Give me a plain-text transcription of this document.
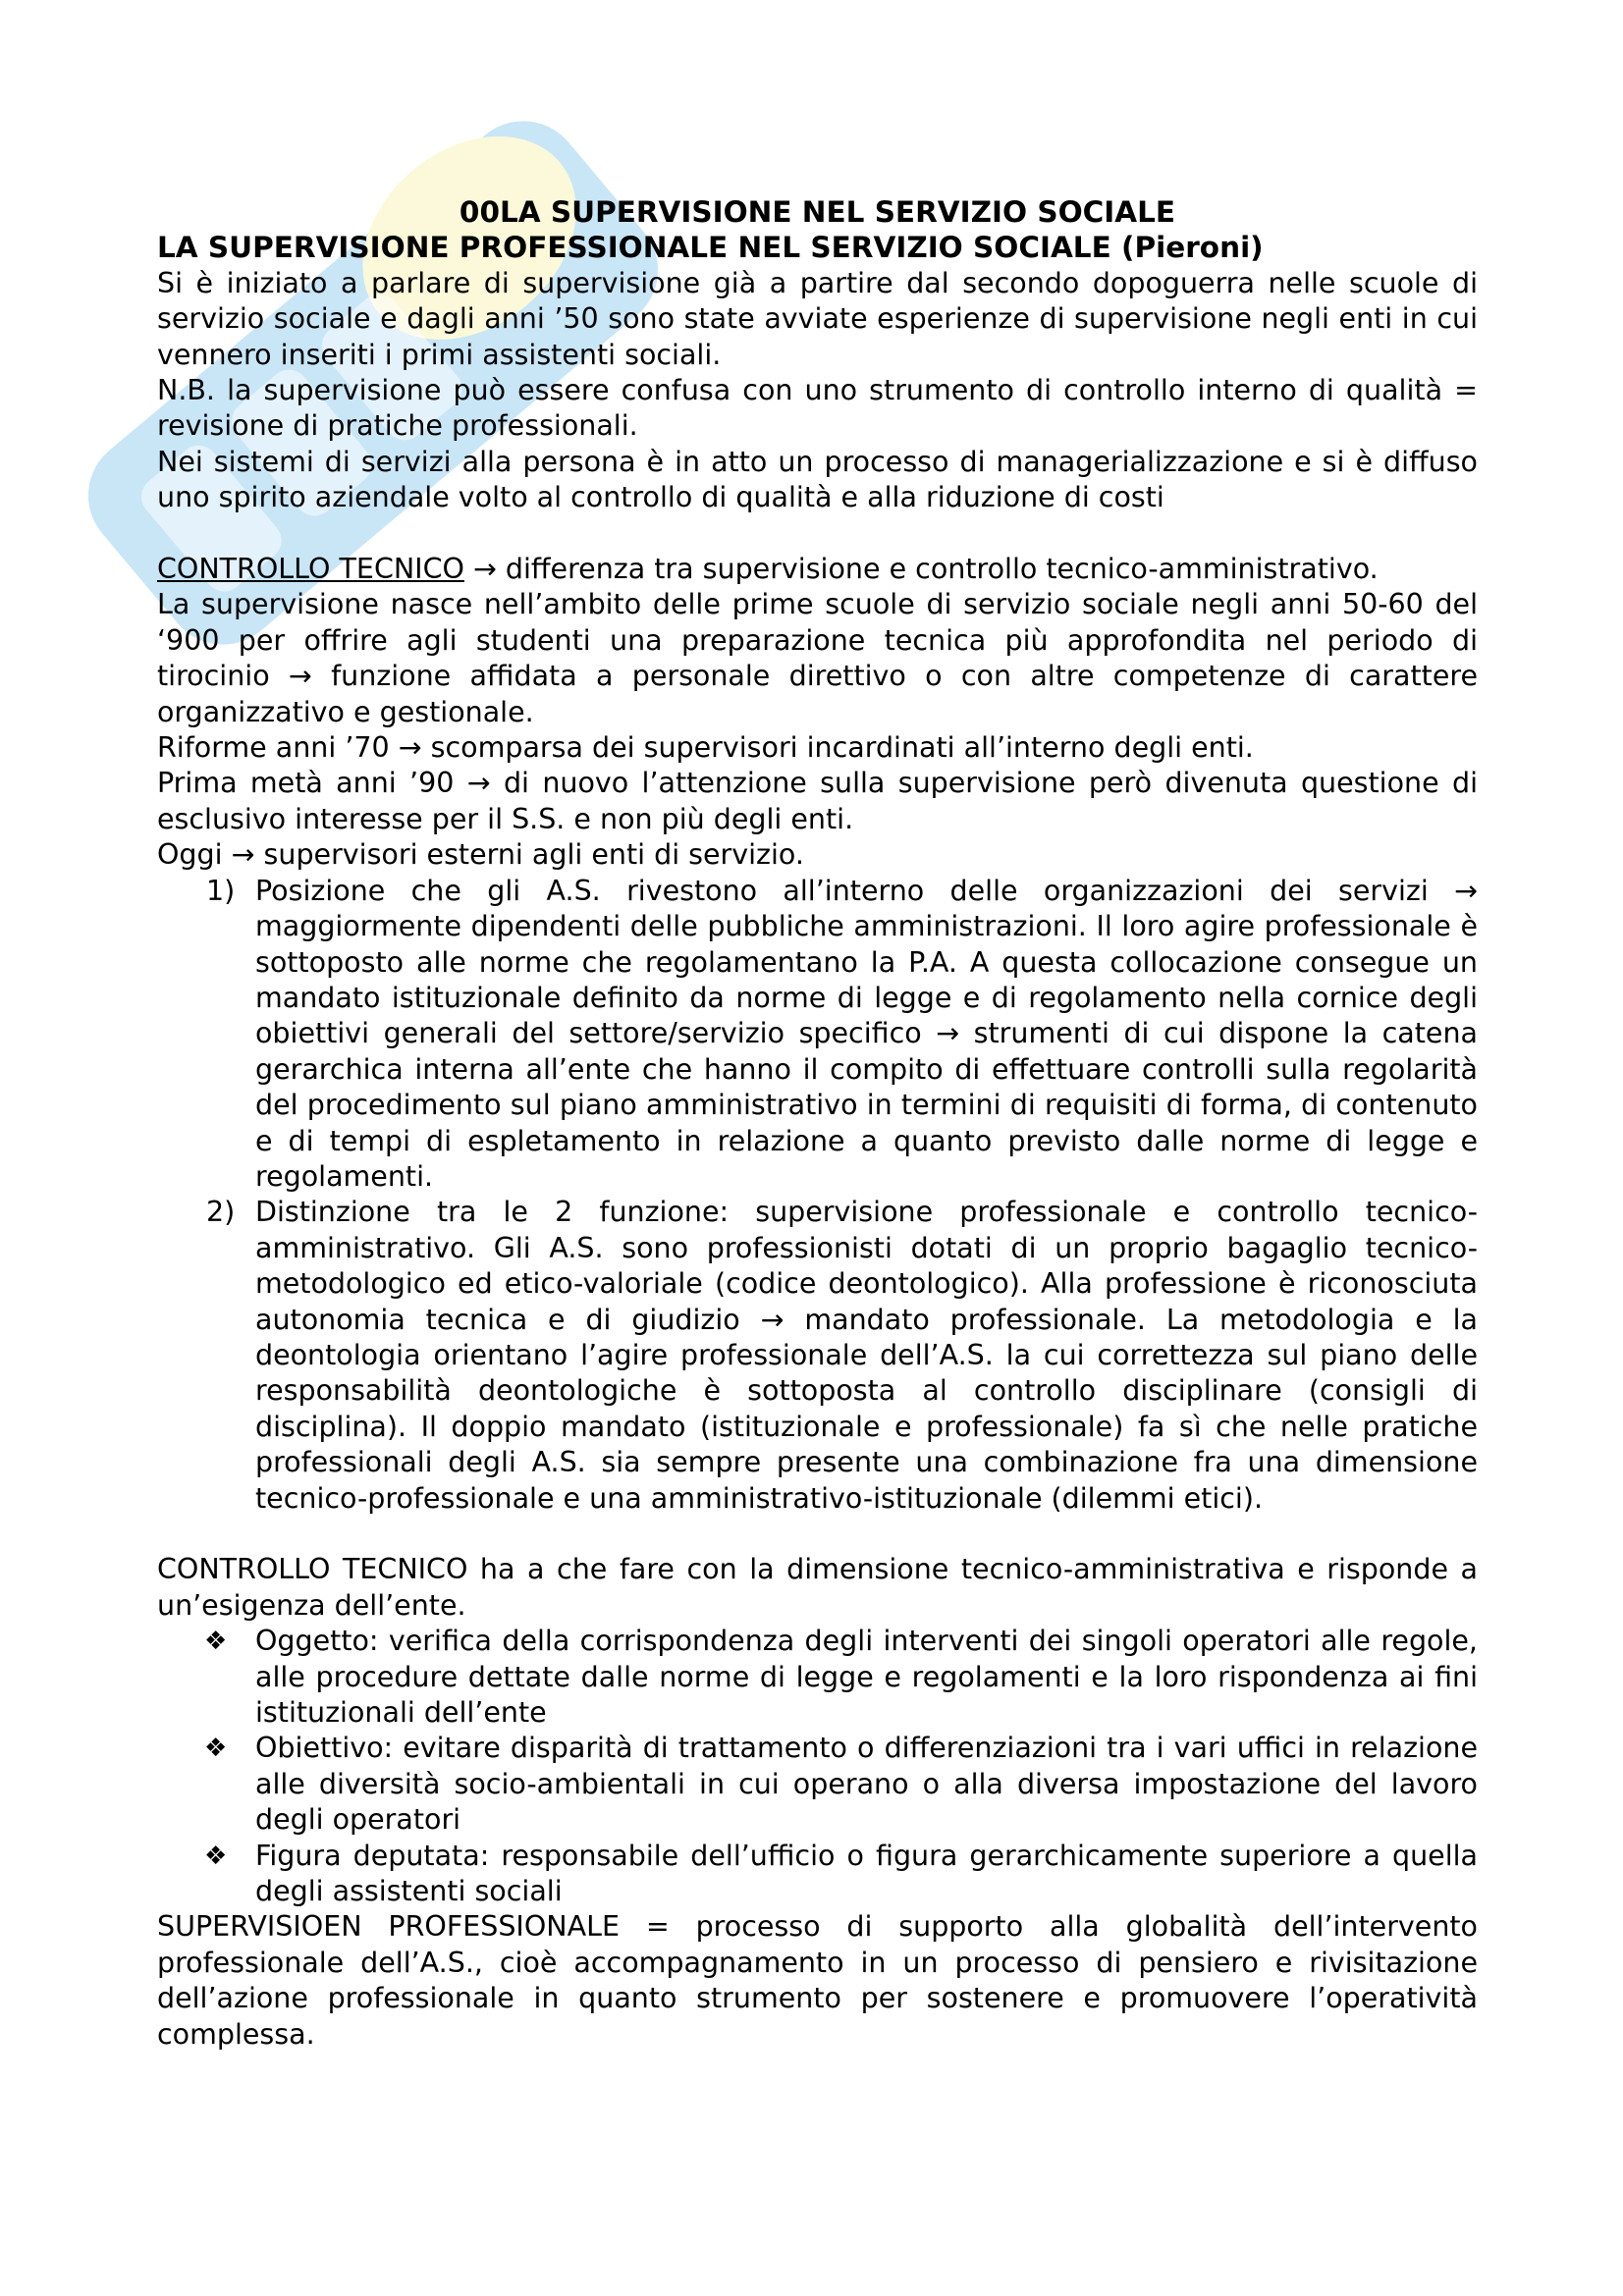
00LA SUPERVISIONE NEL SERVIZIO SOCIALE
LA SUPERVISIONE PROFESSIONALE NEL SERVIZIO SOCIALE (Pieroni)

Si è iniziato a parlare di supervisione già a partire dal secondo dopoguerra nelle scuole di servizio sociale e dagli anni ’50 sono state avviate esperienze di supervisione negli enti in cui vennero inseriti i primi assistenti sociali.

N.B. la supervisione può essere confusa con uno strumento di controllo interno di qualità = revisione di pratiche professionali.

Nei sistemi di servizi alla persona è in atto un processo di managerializzazione e si è diffuso uno spirito aziendale volto al controllo di qualità e alla riduzione di costi

CONTROLLO TECNICO → differenza tra supervisione e controllo tecnico-amministrativo.

La supervisione nasce nell’ambito delle prime scuole di servizio sociale negli anni 50-60 del ‘900 per offrire agli studenti una preparazione tecnica più approfondita nel periodo di tirocinio → funzione affidata a personale direttivo o con altre competenze di carattere organizzativo e gestionale.

Riforme anni ’70 → scomparsa dei supervisori incardinati all’interno degli enti.

Prima metà anni ’90 → di nuovo l’attenzione sulla supervisione però divenuta questione di esclusivo interesse per il S.S. e non più degli enti.

Oggi → supervisori esterni agli enti di servizio.

1) Posizione che gli A.S. rivestono all’interno delle organizzazioni dei servizi → maggiormente dipendenti delle pubbliche amministrazioni. Il loro agire professionale è sottoposto alle norme che regolamentano la P.A. A questa collocazione consegue un mandato istituzionale definito da norme di legge e di regolamento nella cornice degli obiettivi generali del settore/servizio specifico → strumenti di cui dispone la catena gerarchica interna all’ente che hanno il compito di effettuare controlli sulla regolarità del procedimento sul piano amministrativo in termini di requisiti di forma, di contenuto e di tempi di espletamento in relazione a quanto previsto dalle norme di legge e regolamenti.
2) Distinzione tra le 2 funzione: supervisione professionale e controllo tecnico-amministrativo. Gli A.S. sono professionisti dotati di un proprio bagaglio tecnico-metodologico ed etico-valoriale (codice deontologico). Alla professione è riconosciuta autonomia tecnica e di giudizio → mandato professionale. La metodologia e la deontologia orientano l’agire professionale dell’A.S. la cui correttezza sul piano delle responsabilità deontologiche è sottoposta al controllo disciplinare (consigli di disciplina). Il doppio mandato (istituzionale e professionale) fa sì che nelle pratiche professionali degli A.S. sia sempre presente una combinazione fra una dimensione tecnico-professionale e una amministrativo-istituzionale (dilemmi etici).

CONTROLLO TECNICO ha a che fare con la dimensione tecnico-amministrativa e risponde a un’esigenza dell’ente.

❖ Oggetto: verifica della corrispondenza degli interventi dei singoli operatori alle regole, alle procedure dettate dalle norme di legge e regolamenti e la loro rispondenza ai fini istituzionali dell’ente
❖ Obiettivo: evitare disparità di trattamento o differenziazioni tra i vari uffici in relazione alle diversità socio-ambientali in cui operano o alla diversa impostazione del lavoro degli operatori
❖ Figura deputata: responsabile dell’ufficio o figura gerarchicamente superiore a quella degli assistenti sociali

SUPERVISIOEN PROFESSIONALE = processo di supporto alla globalità dell’intervento professionale dell’A.S., cioè accompagnamento in un processo di pensiero e rivisitazione dell’azione professionale in quanto strumento per sostenere e promuovere l’operatività complessa.
